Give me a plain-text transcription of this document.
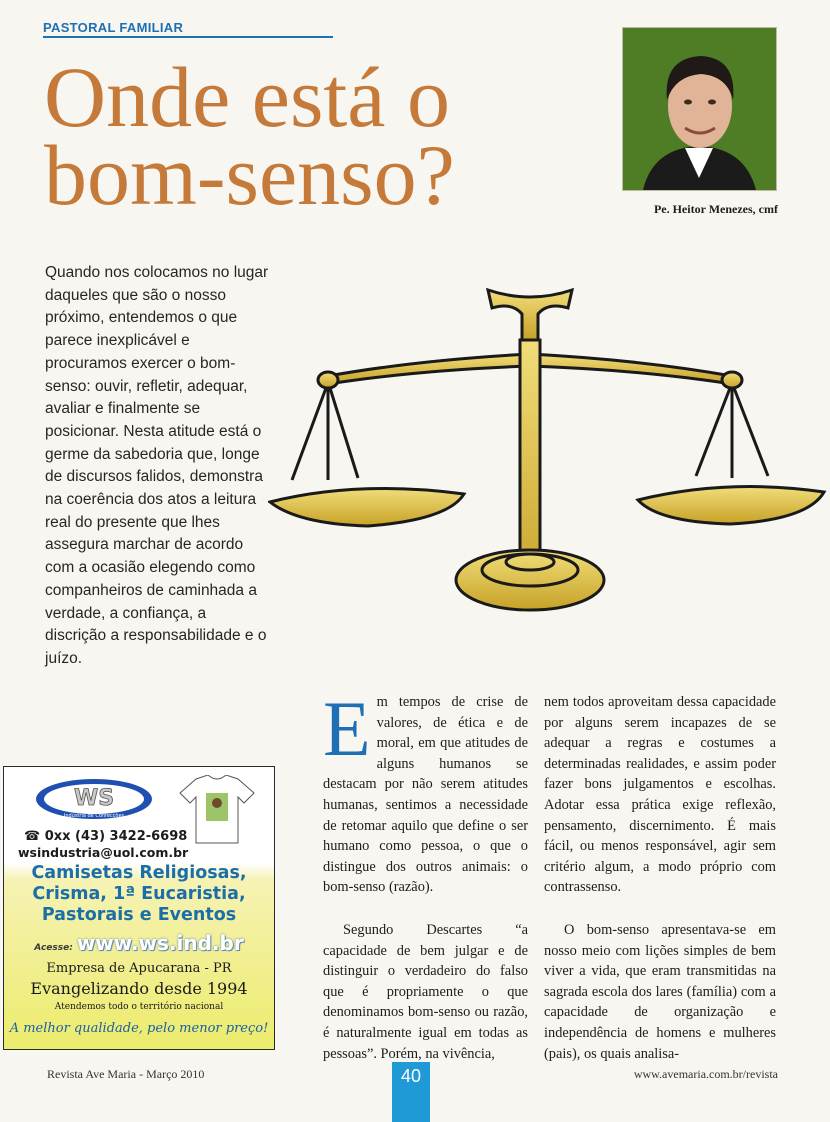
PASTORAL FAMILIAR
Onde está o
bom-senso?	Pe. Heitor Menezes, cmf
Quando nos colocamos no lugar daqueles que são o nosso próximo, entendemos o que parece inexplicável e procuramos exercer o bom-senso: ouvir, refletir, adequar, avaliar e finalmente se posicionar. Nesta atitude está o germe da sabedoria que, longe de discursos falidos, demonstra na coerência dos atos a leitura real do presente que lhes assegura marchar de acordo com a ocasião elegendo como companheiros de caminhada a verdade, a confiança, a discrição a responsabilidade e o juízo.

Em tempos de crise de valores, de ética e de moral, em que atitudes de alguns humanos se destacam por não serem atitudes humanas, sentimos a necessidade de retomar aquilo que define o ser humano como pessoa, o que o distingue dos outros animais: o bom-senso (razão).

Segundo Descartes “a capacidade de bem julgar e de distinguir o verdadeiro do falso que é propriamente o que denominamos bom-senso ou razão, é naturalmente igual em todas as pessoas”. Porém, na vivência,

nem todos aproveitam dessa capacidade por alguns serem incapazes de se adequar a regras e costumes a determinadas realidades, e assim poder fazer bons julgamentos e escolhas. Adotar essa prática exige reflexão, pensamento, discernimento. É mais fácil, ou menos responsável, agir sem critério algum, a modo próprio com contrassenso.

O bom-senso apresentava-se em nosso meio com lições simples de bem viver a vida, que eram transmitidas na sagrada escola dos lares (família) com a capacidade de organização e independência de homens e mulheres (pais), os quais analisa-

WS
Indústria de Confecções
☎ 0xx (43) 3422-6698
wsindustria@uol.com.br
Camisetas Religiosas,
Crisma, 1ª Eucaristia,
Pastorais e Eventos
Acesse: www.ws.ind.br
Empresa de Apucarana - PR
Evangelizando desde 1994
Atendemos todo o território nacional
A melhor qualidade, pelo menor preço!
Revista Ave Maria - Março 2010	40	www.avemaria.com.br/revista
